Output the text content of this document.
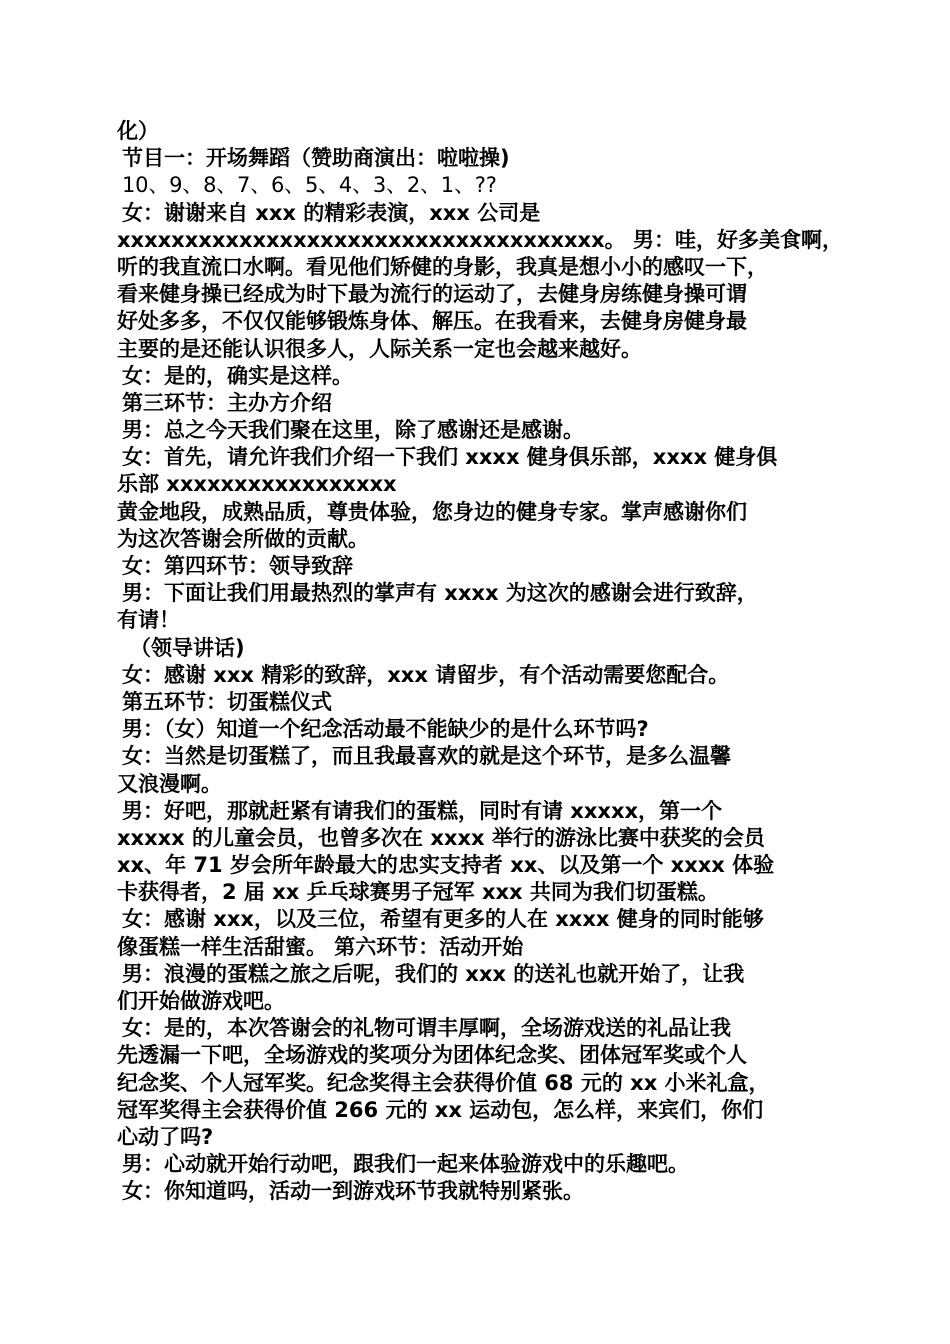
化）
节目一：开场舞蹈（赞助商演出：啦啦操)
10、9、8、7、6、5、4、3、2、1、??
女：谢谢来自 xxx 的精彩表演，xxx 公司是
xxxxxxxxxxxxxxxxxxxxxxxxxxxxxxxxxxxx。 男：哇，好多美食啊，
听的我直流口水啊。看见他们矫健的身影，我真是想小小的感叹一下，
看来健身操已经成为时下最为流行的运动了，去健身房练健身操可谓
好处多多，不仅仅能够锻炼身体、解压。在我看来，去健身房健身最
主要的是还能认识很多人，人际关系一定也会越来越好。
女：是的，确实是这样。
第三环节：主办方介绍
男：总之今天我们聚在这里，除了感谢还是感谢。
女：首先，请允许我们介绍一下我们 xxxx 健身俱乐部，xxxx 健身俱
乐部 xxxxxxxxxxxxxxxxx
黄金地段，成熟品质，尊贵体验，您身边的健身专家。掌声感谢你们
为这次答谢会所做的贡献。
女：第四环节：领导致辞
男：下面让我们用最热烈的掌声有 xxxx 为这次的感谢会进行致辞，
有请！
（领导讲话)
女：感谢 xxx 精彩的致辞，xxx 请留步，有个活动需要您配合。
第五环节：切蛋糕仪式
男：（女）知道一个纪念活动最不能缺少的是什么环节吗?
女：当然是切蛋糕了，而且我最喜欢的就是这个环节，是多么温馨
又浪漫啊。
男：好吧，那就赶紧有请我们的蛋糕，同时有请 xxxxx，第一个
xxxxx 的儿童会员，也曾多次在 xxxx 举行的游泳比赛中获奖的会员
xx、年 71 岁会所年龄最大的忠实支持者 xx、以及第一个 xxxx 体验
卡获得者，2 届 xx 乒乓球赛男子冠军 xxx 共同为我们切蛋糕。
女：感谢 xxx，以及三位，希望有更多的人在 xxxx 健身的同时能够
像蛋糕一样生活甜蜜。 第六环节：活动开始
男：浪漫的蛋糕之旅之后呢，我们的 xxx 的送礼也就开始了，让我
们开始做游戏吧。
女：是的，本次答谢会的礼物可谓丰厚啊，全场游戏送的礼品让我
先透漏一下吧，全场游戏的奖项分为团体纪念奖、团体冠军奖或个人
纪念奖、个人冠军奖。纪念奖得主会获得价值 68 元的 xx 小米礼盒，
冠军奖得主会获得价值 266 元的 xx 运动包，怎么样，来宾们，你们
心动了吗?
男：心动就开始行动吧，跟我们一起来体验游戏中的乐趣吧。
女：你知道吗，活动一到游戏环节我就特别紧张。
